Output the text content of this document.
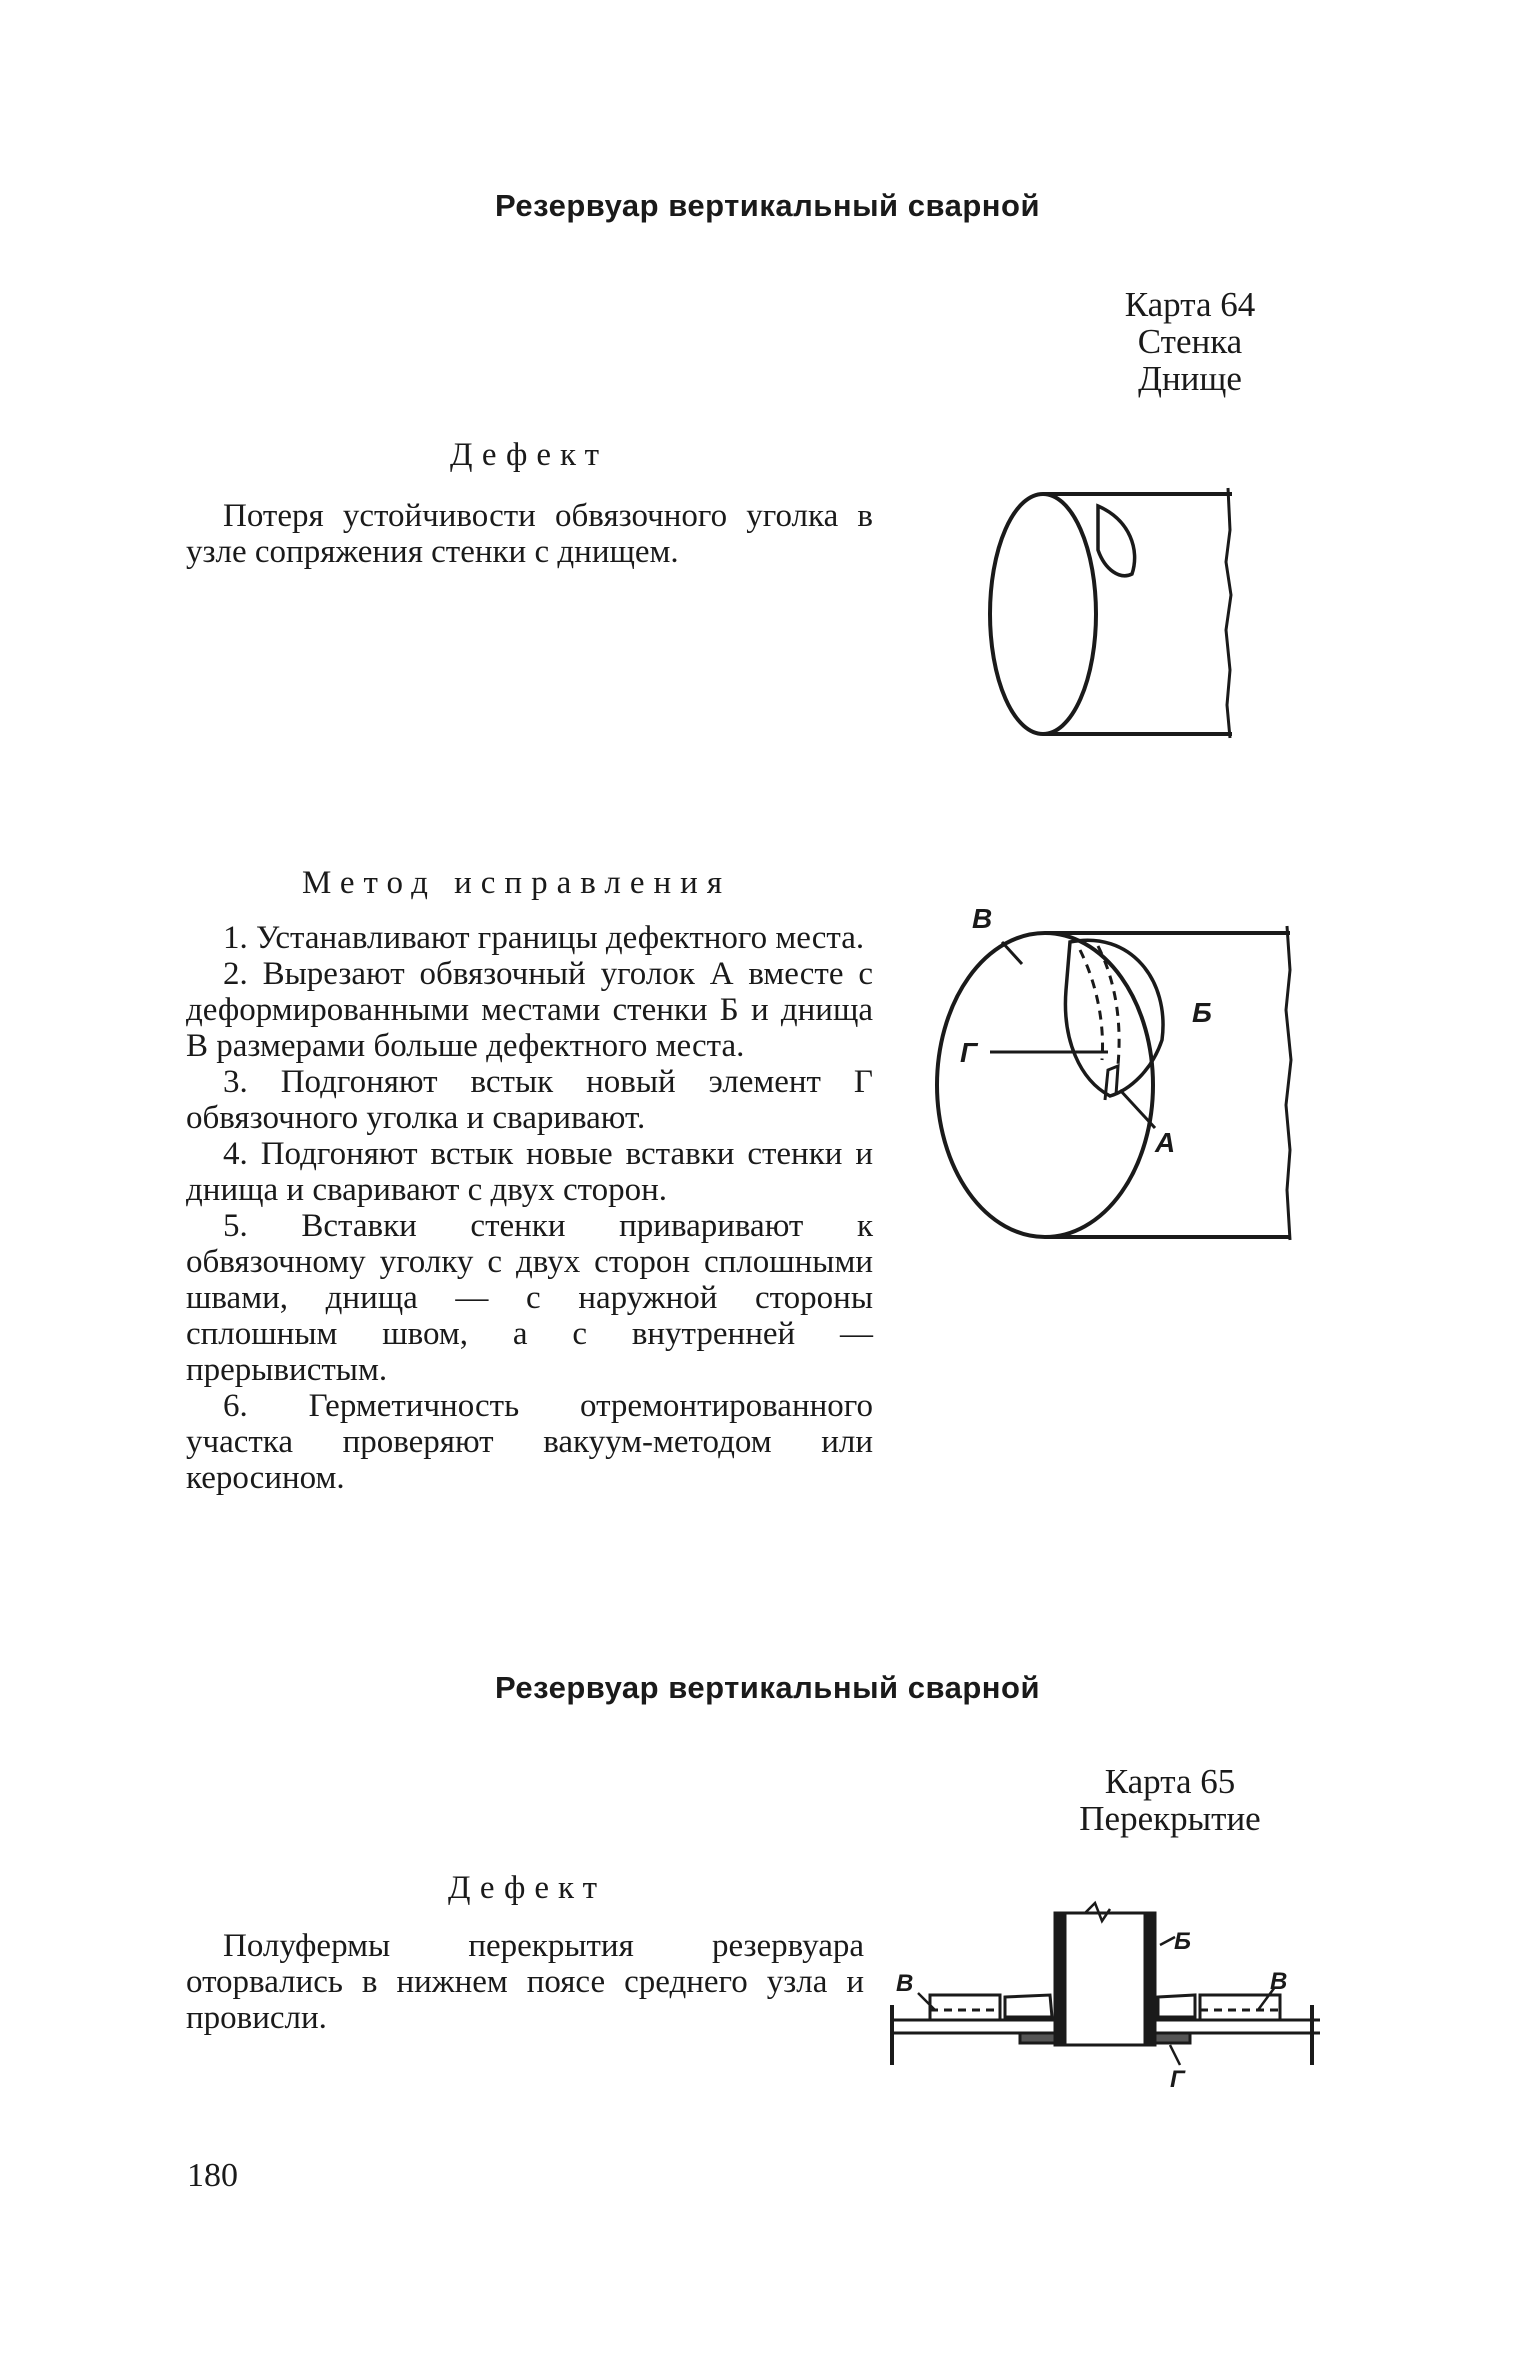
Резервуар вертикальный сварной
Карта 64
Стенка
Днище
Дефект

Потеря устойчивости обвязочного уголка в узле сопряжения стенки с днищем.

Метод исправления

1. Устанавливают границы дефектного места.

2. Вырезают обвязочный уголок А вместе с деформированными местами стенки Б и днища В размерами больше дефектного места.

3. Подгоняют встык новый элемент Г обвязочного уголка и сваривают.

4. Подгоняют встык новые вставки стенки и днища и сваривают с двух сторон.

5. Вставки стенки приваривают к обвязочному уголку с двух сторон сплошными швами, днища — с наружной стороны сплошным швом, а с внутренней — прерывистым.

6. Герметичность отремонтированного участка проверяют вакуум-методом или керосином.

В
Б
Г
А
Резервуар вертикальный сварной
Карта 65
Перекрытие
Дефект

Полуфермы перекрытия резервуара оторвались в нижнем поясе среднего узла и провисли.

В
Б
В
Г
180
